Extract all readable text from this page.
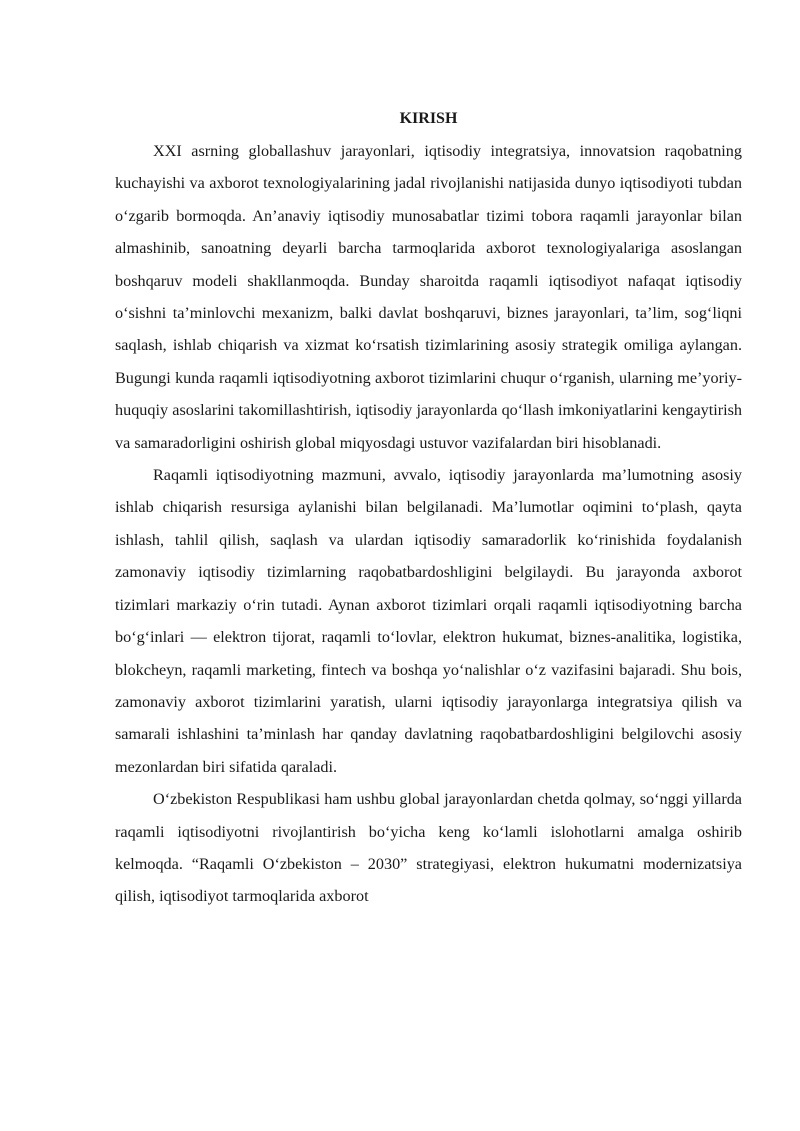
KIRISH

XXI asrning globallashuv jarayonlari, iqtisodiy integratsiya, innovatsion raqobatning kuchayishi va axborot texnologiyalarining jadal rivojlanishi natijasida dunyo iqtisodiyoti tubdan o‘zgarib bormoqda. An’anaviy iqtisodiy munosabatlar tizimi tobora raqamli jarayonlar bilan almashinib, sanoatning deyarli barcha tarmoqlarida axborot texnologiyalariga asoslangan boshqaruv modeli shakllanmoqda. Bunday sharoitda raqamli iqtisodiyot nafaqat iqtisodiy o‘sishni ta’minlovchi mexanizm, balki davlat boshqaruvi, biznes jarayonlari, ta’lim, sog‘liqni saqlash, ishlab chiqarish va xizmat ko‘rsatish tizimlarining asosiy strategik omiliga aylangan. Bugungi kunda raqamli iqtisodiyotning axborot tizimlarini chuqur o‘rganish, ularning me’yoriy-huquqiy asoslarini takomillashtirish, iqtisodiy jarayonlarda qo‘llash imkoniyatlarini kengaytirish va samaradorligini oshirish global miqyosdagi ustuvor vazifalardan biri hisoblanadi.

Raqamli iqtisodiyotning mazmuni, avvalo, iqtisodiy jarayonlarda ma’lumotning asosiy ishlab chiqarish resursiga aylanishi bilan belgilanadi. Ma’lumotlar oqimini to‘plash, qayta ishlash, tahlil qilish, saqlash va ulardan iqtisodiy samaradorlik ko‘rinishida foydalanish zamonaviy iqtisodiy tizimlarning raqobatbardoshligini belgilaydi. Bu jarayonda axborot tizimlari markaziy o‘rin tutadi. Aynan axborot tizimlari orqali raqamli iqtisodiyotning barcha bo‘g‘inlari — elektron tijorat, raqamli to‘lovlar, elektron hukumat, biznes-analitika, logistika, blokcheyn, raqamli marketing, fintech va boshqa yo‘nalishlar o‘z vazifasini bajaradi. Shu bois, zamonaviy axborot tizimlarini yaratish, ularni iqtisodiy jarayonlarga integratsiya qilish va samarali ishlashini ta’minlash har qanday davlatning raqobatbardoshligini belgilovchi asosiy mezonlardan biri sifatida qaraladi.

O‘zbekiston Respublikasi ham ushbu global jarayonlardan chetda qolmay, so‘nggi yillarda raqamli iqtisodiyotni rivojlantirish bo‘yicha keng ko‘lamli islohotlarni amalga oshirib kelmoqda. “Raqamli O‘zbekiston – 2030” strategiyasi, elektron hukumatni modernizatsiya qilish, iqtisodiyot tarmoqlarida axborot
